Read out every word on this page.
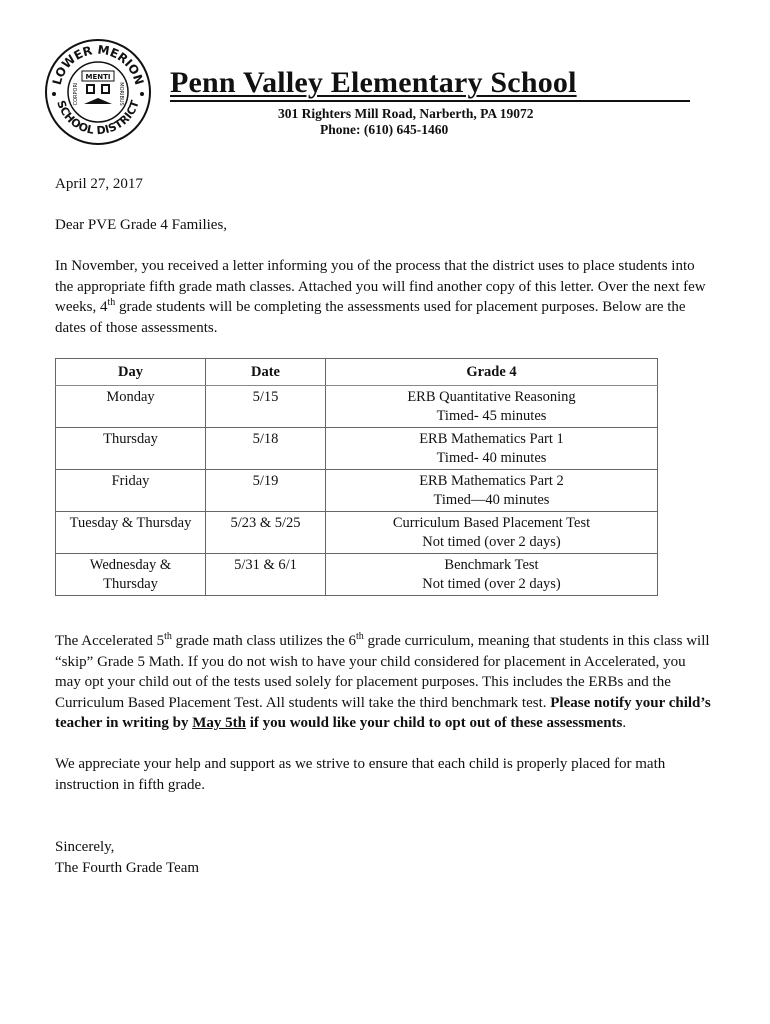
LOWER MERION
SCHOOL DISTRICT
MENTI
CORPORI	MORIBUS Penn Valley Elementary School
301 Righters Mill Road, Narberth, PA 19072
Phone: (610) 645-1460
April 27, 2017
Dear PVE Grade 4 Families,
In November, you received a letter informing you of the process that the district uses to place students into the appropriate fifth grade math classes. Attached you will find another copy of this letter. Over the next few weeks, 4th grade students will be completing the assessments used for placement purposes. Below are the dates of those assessments.
Day	Date	Grade 4
Monday	5/15	ERB Quantitative Reasoning
Timed- 45 minutes

Thursday	5/18	ERB Mathematics Part 1
Timed- 40 minutes

Friday	5/19	ERB Mathematics Part 2
Timed—40 minutes

Tuesday & Thursday	5/23 & 5/25	Curriculum Based Placement Test
Not timed (over 2 days)

Wednesday & Thursday	5/31 & 6/1	Benchmark Test
Not timed (over 2 days)
The Accelerated 5th grade math class utilizes the 6th grade curriculum, meaning that students in this class will “skip” Grade 5 Math. If you do not wish to have your child considered for placement in Accelerated, you may opt your child out of the tests used solely for placement purposes. This includes the ERBs and the Curriculum Based Placement Test. All students will take the third benchmark test. Please notify your child’s teacher in writing by May 5th if you would like your child to opt out of these assessments.
We appreciate your help and support as we strive to ensure that each child is properly placed for math instruction in fifth grade.
Sincerely,
The Fourth Grade Team
